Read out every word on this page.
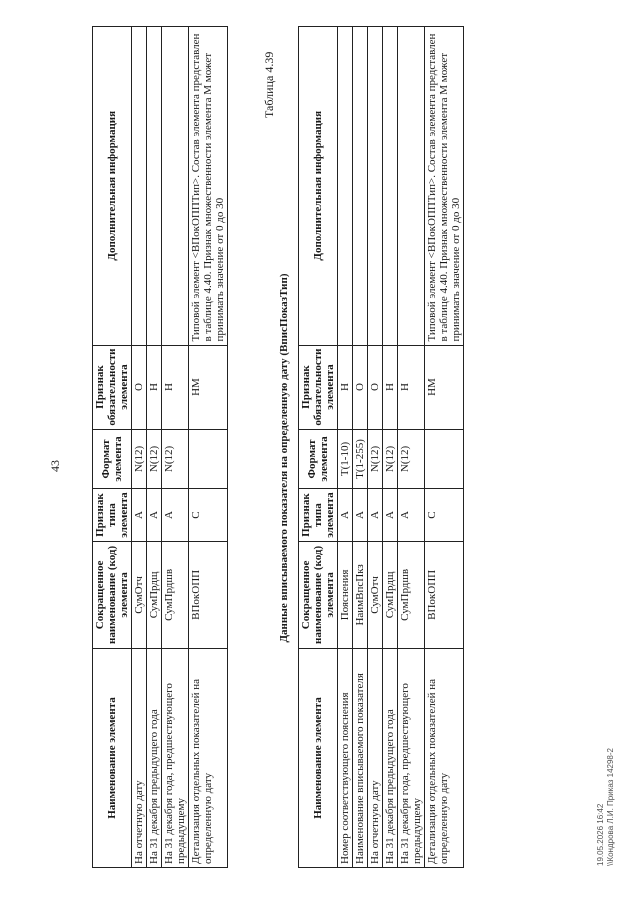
43
Наименование элемента	Сокращенное наименование (код) элемента	Признак типа элемента	Формат элемента	Признак обязательности элемента	Дополнительная информация
На отчетную дату	СумОтч	А	N(12)	О	
На 31 декабря предыдущего года	СумПрдщ	А	N(12)	Н	
На 31 декабря года, предшествующего предыдущему	СумПрдшв	А	N(12)	Н	
Детализация отдельных показателей на определенную дату	ВПокОПП	С		НМ	Типовой элемент <ВПокОППТип>. Состав элемента представлен в таблице 4.40. Признак множественности элемента М может принимать значение от 0 до 30
Таблица 4.39
Данные вписываемого показателя на определенную дату (ВписПоказТип)
Наименование элемента	Сокращенное наименование (код) элемента	Признак типа элемента	Формат элемента	Признак обязательности элемента	Дополнительная информация
Номер соответствующего пояснения	Пояснения	А	T(1-10)	Н	
Наименование вписываемого показателя	НаимВпсПкз	А	T(1-255)	О	
На отчетную дату	СумОтч	А	N(12)	О	
На 31 декабря предыдущего года	СумПрдщ	А	N(12)	Н	
На 31 декабря года, предшествующего предыдущему	СумПрдшв	А	N(12)	Н	
Детализация отдельных показателей на определенную дату	ВПокОПП	С		НМ	Типовой элемент <ВПокОППТип>. Состав элемента представлен в таблице 4.40. Признак множественности элемента М может принимать значение от 0 до 30
19.05.2026 16:42 \\Кондрова Л.И. Приказ 14298-2
